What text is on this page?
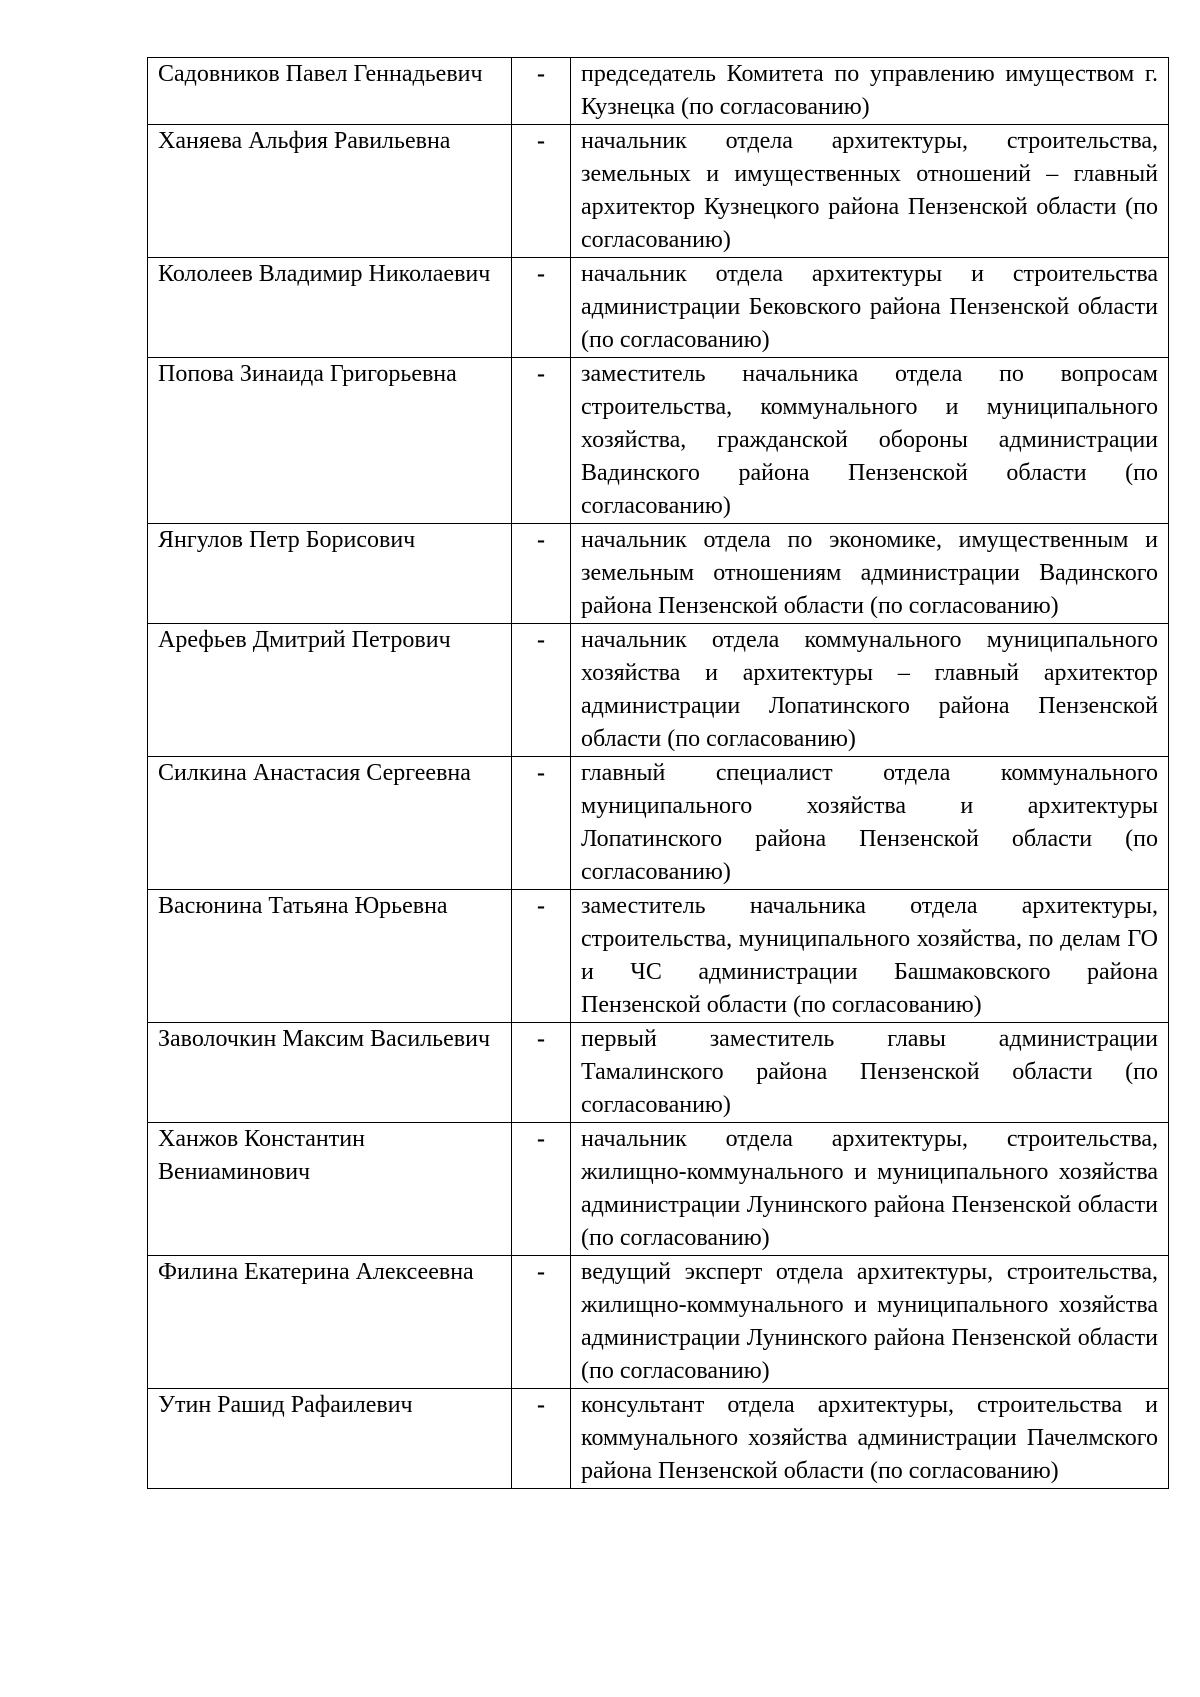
Садовников Павел Геннадьевич	-	председатель Комитета по управлению имуществом г. Кузнецка (по согласованию)
Ханяева Альфия Равильевна	-	начальник отдела архитектуры, строительства, земельных и имущественных отношений – главный архитектор Кузнецкого района Пензенской области (по согласованию)
Кололеев Владимир Николаевич	-	начальник отдела архитектуры и строительства администрации Бековского района Пензенской области (по согласованию)
Попова Зинаида Григорьевна	-	заместитель начальника отдела по вопросам строительства, коммунального и муниципального хозяйства, гражданской обороны администрации Вадинского района Пензенской области (по согласованию)
Янгулов Петр Борисович	-	начальник отдела по экономике, имущественным и земельным отношениям администрации Вадинского района Пензенской области (по согласованию)
Арефьев Дмитрий Петрович	-	начальник отдела коммунального муниципального хозяйства и архитектуры – главный архитектор администрации Лопатинского района Пензенской области (по согласованию)
Силкина Анастасия Сергеевна	-	главный специалист отдела коммунального муниципального хозяйства и архитектуры Лопатинского района Пензенской области (по согласованию)
Васюнина Татьяна Юрьевна	-	заместитель начальника отдела архитектуры, строительства, муниципального хозяйства, по делам ГО и ЧС администрации Башмаковского района Пензенской области (по согласованию)
Заволочкин Максим Васильевич	-	первый заместитель главы администрации Тамалинского района Пензенской области (по согласованию)
Ханжов Константин Вениаминович	-	начальник отдела архитектуры, строительства, жилищно-коммунального и муниципального хозяйства администрации Лунинского района Пензенской области (по согласованию)
Филина Екатерина Алексеевна	-	ведущий эксперт отдела архитектуры, строительства, жилищно-коммунального и муниципального хозяйства администрации Лунинского района Пензенской области (по согласованию)
Утин Рашид Рафаилевич	-	консультант отдела архитектуры, строительства и коммунального хозяйства администрации Пачелмского района Пензенской области (по согласованию)
